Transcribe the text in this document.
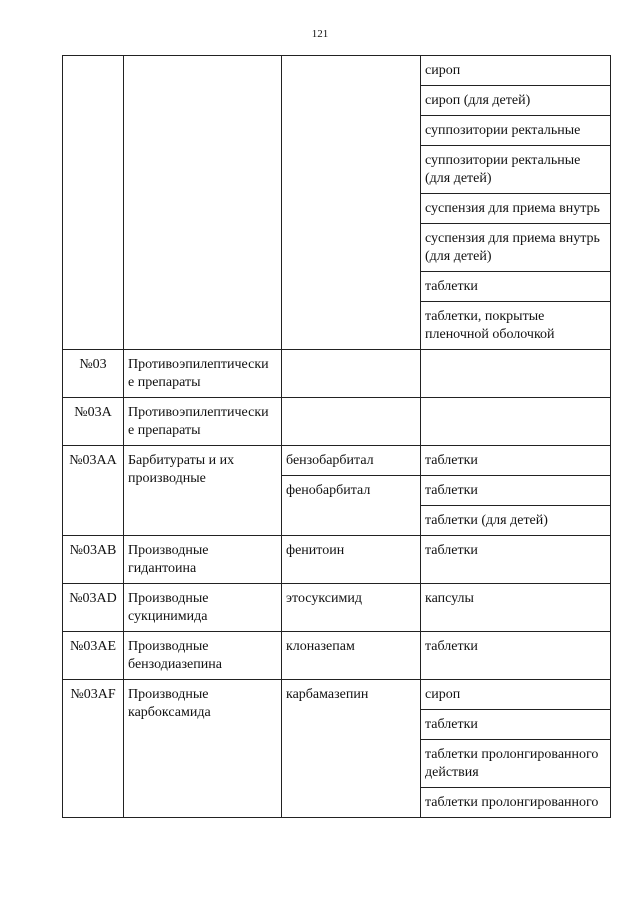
121
			сироп
			сироп (для детей)
			суппозитории ректальные
			суппозитории ректальные (для детей)
			суспензия для приема внутрь
			суспензия для приема внутрь (для детей)
			таблетки
			таблетки, покрытые пленочной оболочкой
№03	Противоэпилептически е препараты		
№03А	Противоэпилептически е препараты		
№03АА	Барбитураты и их производные	бензобарбитал	таблетки
		фенобарбитал	таблетки
			таблетки (для детей)
№03АВ	Производные гидантоина	фенитоин	таблетки
№03AD	Производные сукцинимида	этосуксимид	капсулы
№03АЕ	Производные бензодиазепина	клоназепам	таблетки
№03AF	Производные карбоксамида	карбамазепин	сироп
			таблетки
			таблетки пролонгированного действия
			таблетки пролонгированного
